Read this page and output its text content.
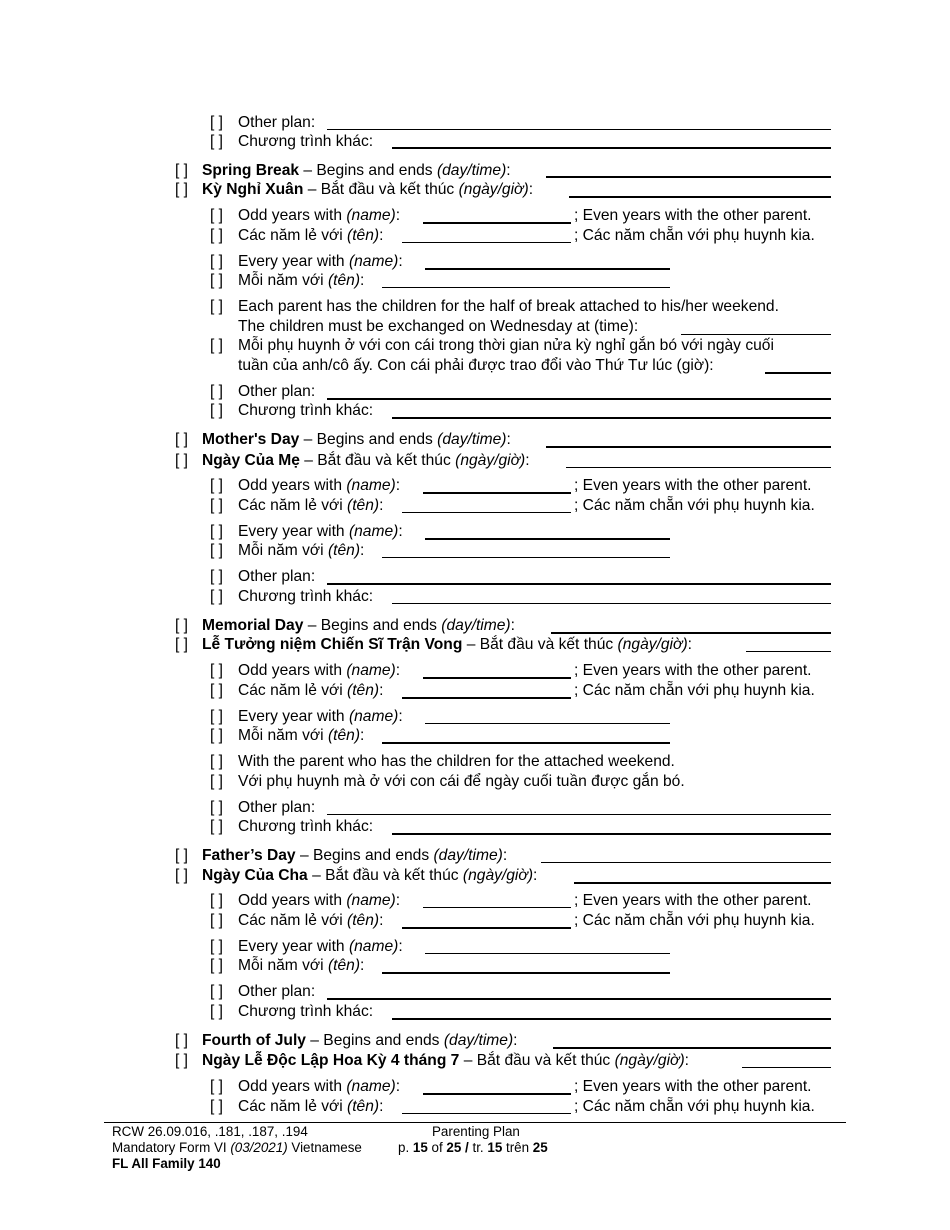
[ ] Other plan:
[ ] Chương trình khác:
[ ] Spring Break – Begins and ends (day/time):
[ ] Kỳ Nghỉ Xuân – Bắt đầu và kết thúc (ngày/giờ):
[ ] Odd years with (name):	; Even years with the other parent.
[ ] Các năm lẻ với (tên):	; Các năm chẵn với phụ huynh kia.
[ ] Every year with (name):
[ ] Mỗi năm với (tên):
[ ] Each parent has the children for the half of break attached to his/her weekend.
The children must be exchanged on Wednesday at (time):
[ ] Mỗi phụ huynh ở với con cái trong thời gian nửa kỳ nghỉ gắn bó với ngày cuối
tuần của anh/cô ấy. Con cái phải được trao đổi vào Thứ Tư lúc (giờ):
[ ] Other plan:
[ ] Chương trình khác:
[ ] Mother's Day – Begins and ends (day/time):
[ ] Ngày Của Mẹ – Bắt đầu và kết thúc (ngày/giờ):
[ ] Odd years with (name):	; Even years with the other parent.
[ ] Các năm lẻ với (tên):	; Các năm chẵn với phụ huynh kia.
[ ] Every year with (name):
[ ] Mỗi năm với (tên):
[ ] Other plan:
[ ] Chương trình khác:
[ ] Memorial Day – Begins and ends (day/time):
[ ] Lễ Tưởng niệm Chiến Sĩ Trận Vong – Bắt đầu và kết thúc (ngày/giờ):
[ ] Odd years with (name):	; Even years with the other parent.
[ ] Các năm lẻ với (tên):	; Các năm chẵn với phụ huynh kia.
[ ] Every year with (name):
[ ] Mỗi năm với (tên):
[ ] With the parent who has the children for the attached weekend.
[ ] Với phụ huynh mà ở với con cái để ngày cuối tuần được gắn bó.
[ ] Other plan:
[ ] Chương trình khác:
[ ] Father’s Day – Begins and ends (day/time):
[ ] Ngày Của Cha – Bắt đầu và kết thúc (ngày/giờ):
[ ] Odd years with (name):	; Even years with the other parent.
[ ] Các năm lẻ với (tên):	; Các năm chẵn với phụ huynh kia.
[ ] Every year with (name):
[ ] Mỗi năm với (tên):
[ ] Other plan:
[ ] Chương trình khác:
[ ] Fourth of July – Begins and ends (day/time):
[ ] Ngày Lễ Độc Lập Hoa Kỳ 4 tháng 7 – Bắt đầu và kết thúc (ngày/giờ):
[ ] Odd years with (name):	; Even years with the other parent.
[ ] Các năm lẻ với (tên):	; Các năm chẵn với phụ huynh kia.
RCW 26.09.016, .181, .187, .194
Mandatory Form VI (03/2021) Vietnamese
FL All Family 140
Parenting Plan
p. 15 of 25 / tr. 15 trên 25
